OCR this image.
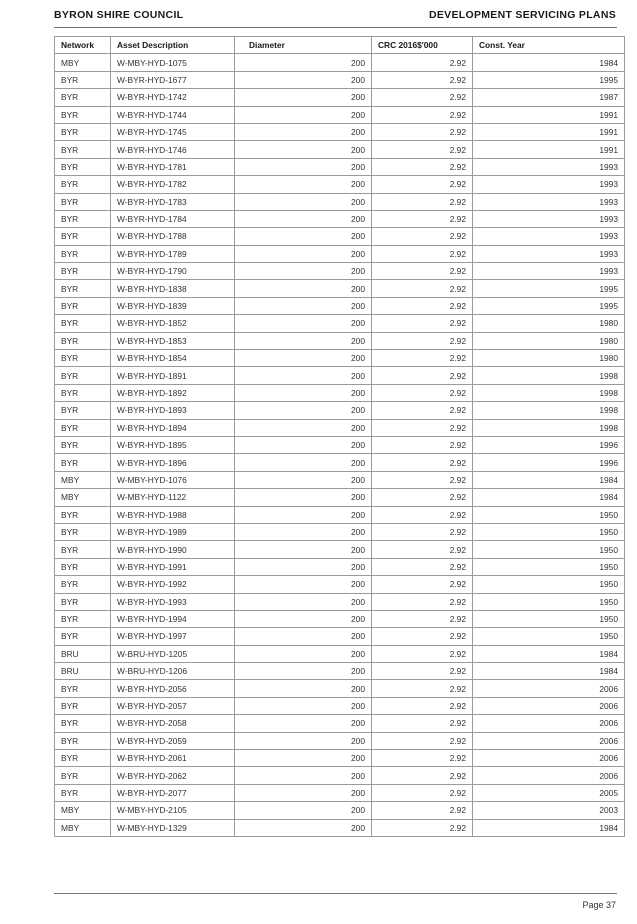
BYRON SHIRE COUNCIL	DEVELOPMENT SERVICING PLANS
Network	Asset Description	Diameter	CRC 2016$'000	Const. Year
MBY	W-MBY-HYD-1075	200	2.92	1984
BYR	W-BYR-HYD-1677	200	2.92	1995
BYR	W-BYR-HYD-1742	200	2.92	1987
BYR	W-BYR-HYD-1744	200	2.92	1991
BYR	W-BYR-HYD-1745	200	2.92	1991
BYR	W-BYR-HYD-1746	200	2.92	1991
BYR	W-BYR-HYD-1781	200	2.92	1993
BYR	W-BYR-HYD-1782	200	2.92	1993
BYR	W-BYR-HYD-1783	200	2.92	1993
BYR	W-BYR-HYD-1784	200	2.92	1993
BYR	W-BYR-HYD-1788	200	2.92	1993
BYR	W-BYR-HYD-1789	200	2.92	1993
BYR	W-BYR-HYD-1790	200	2.92	1993
BYR	W-BYR-HYD-1838	200	2.92	1995
BYR	W-BYR-HYD-1839	200	2.92	1995
BYR	W-BYR-HYD-1852	200	2.92	1980
BYR	W-BYR-HYD-1853	200	2.92	1980
BYR	W-BYR-HYD-1854	200	2.92	1980
BYR	W-BYR-HYD-1891	200	2.92	1998
BYR	W-BYR-HYD-1892	200	2.92	1998
BYR	W-BYR-HYD-1893	200	2.92	1998
BYR	W-BYR-HYD-1894	200	2.92	1998
BYR	W-BYR-HYD-1895	200	2.92	1996
BYR	W-BYR-HYD-1896	200	2.92	1996
MBY	W-MBY-HYD-1076	200	2.92	1984
MBY	W-MBY-HYD-1122	200	2.92	1984
BYR	W-BYR-HYD-1988	200	2.92	1950
BYR	W-BYR-HYD-1989	200	2.92	1950
BYR	W-BYR-HYD-1990	200	2.92	1950
BYR	W-BYR-HYD-1991	200	2.92	1950
BYR	W-BYR-HYD-1992	200	2.92	1950
BYR	W-BYR-HYD-1993	200	2.92	1950
BYR	W-BYR-HYD-1994	200	2.92	1950
BYR	W-BYR-HYD-1997	200	2.92	1950
BRU	W-BRU-HYD-1205	200	2.92	1984
BRU	W-BRU-HYD-1206	200	2.92	1984
BYR	W-BYR-HYD-2056	200	2.92	2006
BYR	W-BYR-HYD-2057	200	2.92	2006
BYR	W-BYR-HYD-2058	200	2.92	2006
BYR	W-BYR-HYD-2059	200	2.92	2006
BYR	W-BYR-HYD-2061	200	2.92	2006
BYR	W-BYR-HYD-2062	200	2.92	2006
BYR	W-BYR-HYD-2077	200	2.92	2005
MBY	W-MBY-HYD-2105	200	2.92	2003
MBY	W-MBY-HYD-1329	200	2.92	1984
Page 37
